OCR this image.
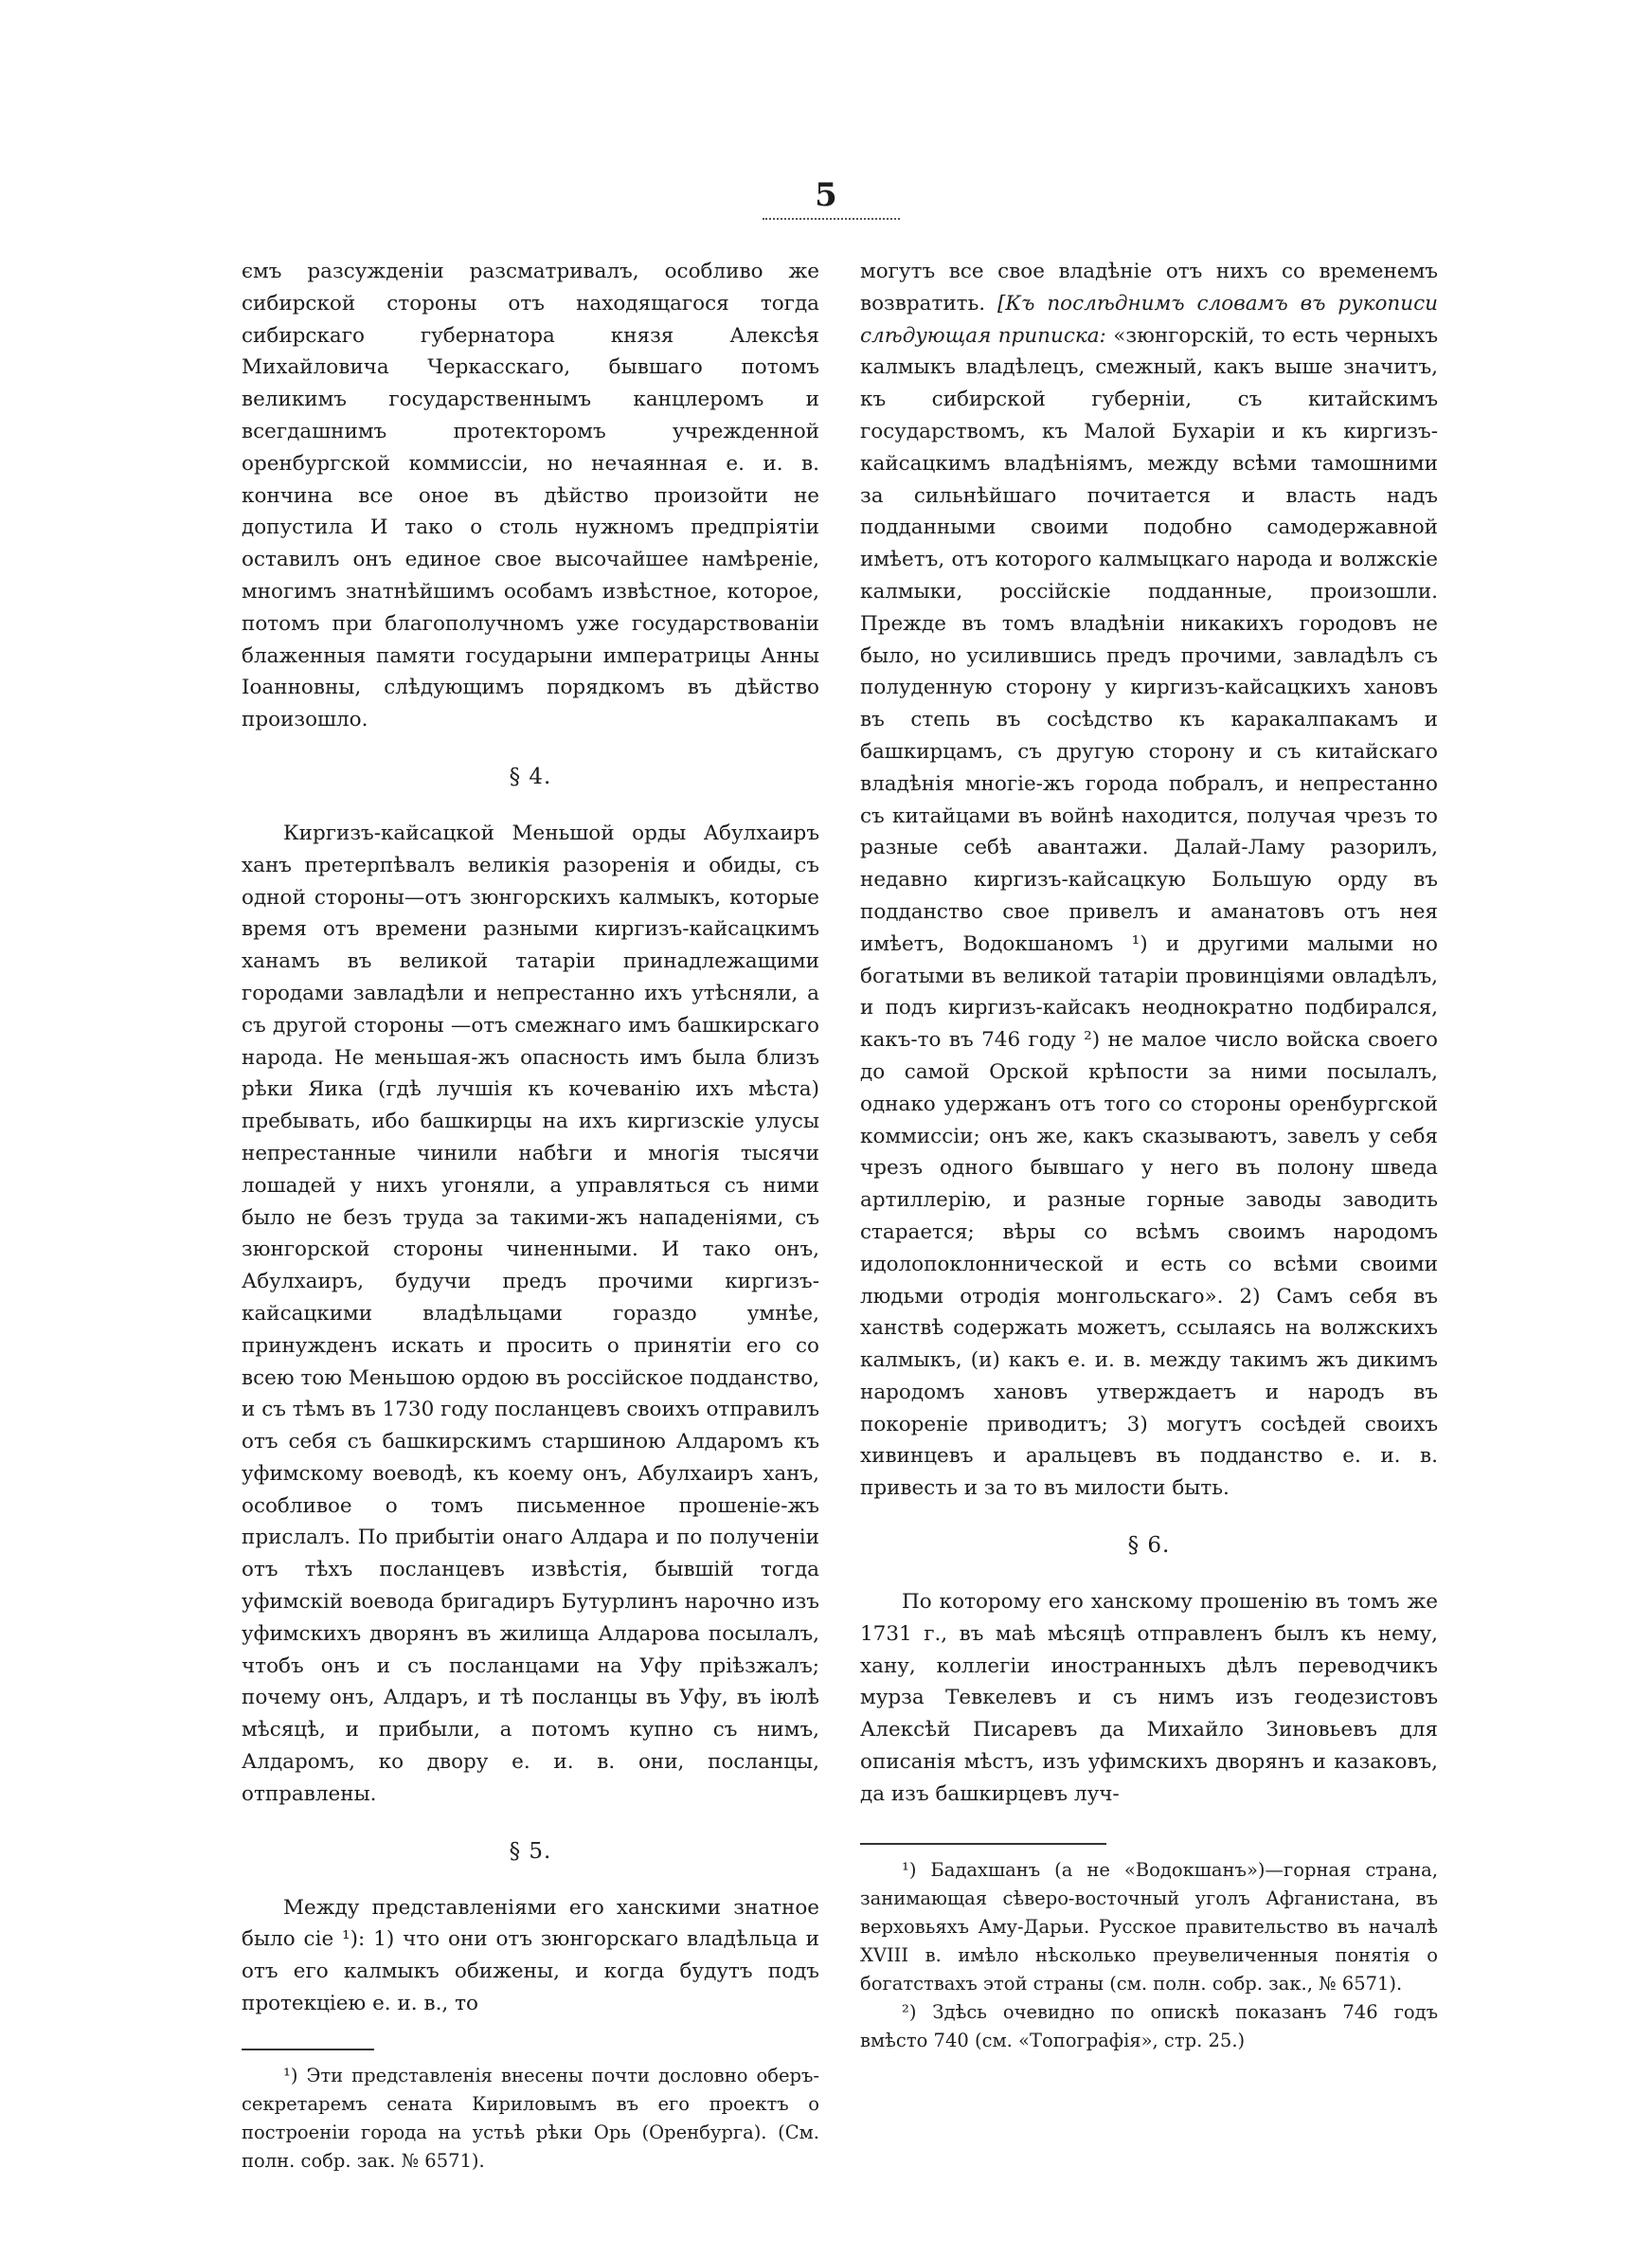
5

ємъ разсужденіи разсматривалъ, особливо же сибирской стороны отъ находящагося тогда сибирскаго губернатора князя Алексѣя Михайловича Черкасскаго, бывшаго потомъ великимъ государственнымъ канцлеромъ и всегдашнимъ протекторомъ учрежденной оренбургской коммиссіи, но нечаянная е. и. в. кончина все оное въ дѣйство произойти не допустила И тако о столь нужномъ предпріятіи оставилъ онъ единое свое высочайшее намѣреніе, многимъ знатнѣйшимъ особамъ извѣстное, которое, потомъ при благополучномъ уже государствованіи блаженныя памяти государыни императрицы Анны Іоанновны, слѣдующимъ порядкомъ въ дѣйство произошло.

§ 4.

Киргизъ-кайсацкой Меньшой орды Абулхаиръ ханъ претерпѣвалъ великія разоренія и обиды, съ одной стороны—отъ зюнгорскихъ калмыкъ, которые время отъ времени разными киргизъ-кайсацкимъ ханамъ въ великой татаріи принадлежащими городами завладѣли и непрестанно ихъ утѣсняли, а съ другой стороны —отъ смежнаго имъ башкирскаго народа. Не меньшая-жъ опасность имъ была близъ рѣки Яика (гдѣ лучшія къ кочеванію ихъ мѣста) пребывать, ибо башкирцы на ихъ киргизскіе улусы непрестанные чинили набѣги и многія тысячи лошадей у нихъ угоняли, а управляться съ ними было не безъ труда за такими-жъ нападеніями, съ зюнгорской стороны чиненными. И тако онъ, Абулхаиръ, будучи предъ прочими киргизъ-кайсацкими владѣльцами гораздо умнѣе, принужденъ искать и просить о принятіи его со всею тою Меньшою ордою въ россійское подданство, и съ тѣмъ въ 1730 году посланцевъ своихъ отправилъ отъ себя съ башкирскимъ старшиною Алдаромъ къ уфимскому воеводѣ, къ коему онъ, Абулхаиръ ханъ, особливое о томъ письменное прошеніе-жъ прислалъ. По прибытіи онаго Алдара и по полученіи отъ тѣхъ посланцевъ извѣстія, бывшій тогда уфимскій воевода бригадиръ Бутурлинъ нарочно изъ уфимскихъ дворянъ въ жилища Алдарова посылалъ, чтобъ онъ и съ посланцами на Уфу пріѣзжалъ; почему онъ, Алдаръ, и тѣ посланцы въ Уфу, въ іюлѣ мѣсяцѣ, и прибыли, а потомъ купно съ нимъ, Алдаромъ, ко двору е. и. в. они, посланцы, отправлены.

§ 5.

Между представленіями его ханскими знатное было сіе ¹): 1) что они отъ зюнгорскаго владѣльца и отъ его калмыкъ обижены, и когда будутъ подъ протекціею е. и. в., то

¹) Эти представленія внесены почти дословно оберъ-секретаремъ сената Кириловымъ въ его проектъ о построеніи города на устьѣ рѣки Орь (Оренбурга). (См. полн. собр. зак. № 6571).

могутъ все свое владѣніе отъ нихъ со временемъ возвратить. [Къ послѣднимъ словамъ въ рукописи слѣдующая приписка: «зюнгорскій, то есть черныхъ калмыкъ владѣлецъ, смежный, какъ выше значитъ, къ сибирской губерніи, съ китайскимъ государствомъ, къ Малой Бухаріи и къ киргизъ-кайсацкимъ владѣніямъ, между всѣми тамошними за сильнѣйшаго почитается и власть надъ подданными своими подобно самодержавной имѣетъ, отъ которого калмыцкаго народа и волжскіе калмыки, россійскіе подданные, произошли. Прежде въ томъ владѣніи никакихъ городовъ не было, но усилившись предъ прочими, завладѣлъ съ полуденную сторону у киргизъ-кайсацкихъ хановъ въ степь въ сосѣдство къ каракалпакамъ и башкирцамъ, съ другую сторону и съ китайскаго владѣнія многіе-жъ города побралъ, и непрестанно съ китайцами въ войнѣ находится, получая чрезъ то разные себѣ авантажи. Далай-Ламу разорилъ, недавно киргизъ-кайсацкую Большую орду въ подданство свое привелъ и аманатовъ отъ нея имѣетъ, Водокшаномъ ¹) и другими малыми но богатыми въ великой татаріи провинціями овладѣлъ, и подъ киргизъ-кайсакъ неоднократно подбирался, какъ-то въ 746 году ²) не малое число войска своего до самой Орской крѣпости за ними посылалъ, однако удержанъ отъ того со стороны оренбургской коммиссіи; онъ же, какъ сказываютъ, завелъ у себя чрезъ одного бывшаго у него въ полону шведа артиллерію, и разные горные заводы заводить старается; вѣры со всѣмъ своимъ народомъ идолопоклоннической и есть со всѣми своими людьми отродія монгольскаго». 2) Самъ себя въ ханствѣ содержать можетъ, ссылаясь на волжскихъ калмыкъ, (и) какъ е. и. в. между такимъ жъ дикимъ народомъ хановъ утверждаетъ и народъ въ покореніе приводитъ; 3) могутъ сосѣдей своихъ хивинцевъ и аральцевъ въ подданство е. и. в. привесть и за то въ милости быть.

§ 6.

По которому его ханскому прошенію въ томъ же 1731 г., въ маѣ мѣсяцѣ отправленъ былъ къ нему, хану, коллегіи иностранныхъ дѣлъ переводчикъ мурза Тевкелевъ и съ нимъ изъ геодезистовъ Алексѣй Писаревъ да Михайло Зиновьевъ для описанія мѣстъ, изъ уфимскихъ дворянъ и казаковъ, да изъ башкирцевъ луч-

¹) Бадахшанъ (а не «Водокшанъ»)—горная страна, занимающая сѣверо-восточный уголъ Афганистана, въ верховьяхъ Аму-Дарьи. Русское правительство въ началѣ XVIII в. имѣло нѣсколько преувеличенныя понятія о богатствахъ этой страны (см. полн. собр. зак., № 6571).

²) Здѣсь очевидно по опискѣ показанъ 746 годъ вмѣсто 740 (см. «Топографія», стр. 25.)
